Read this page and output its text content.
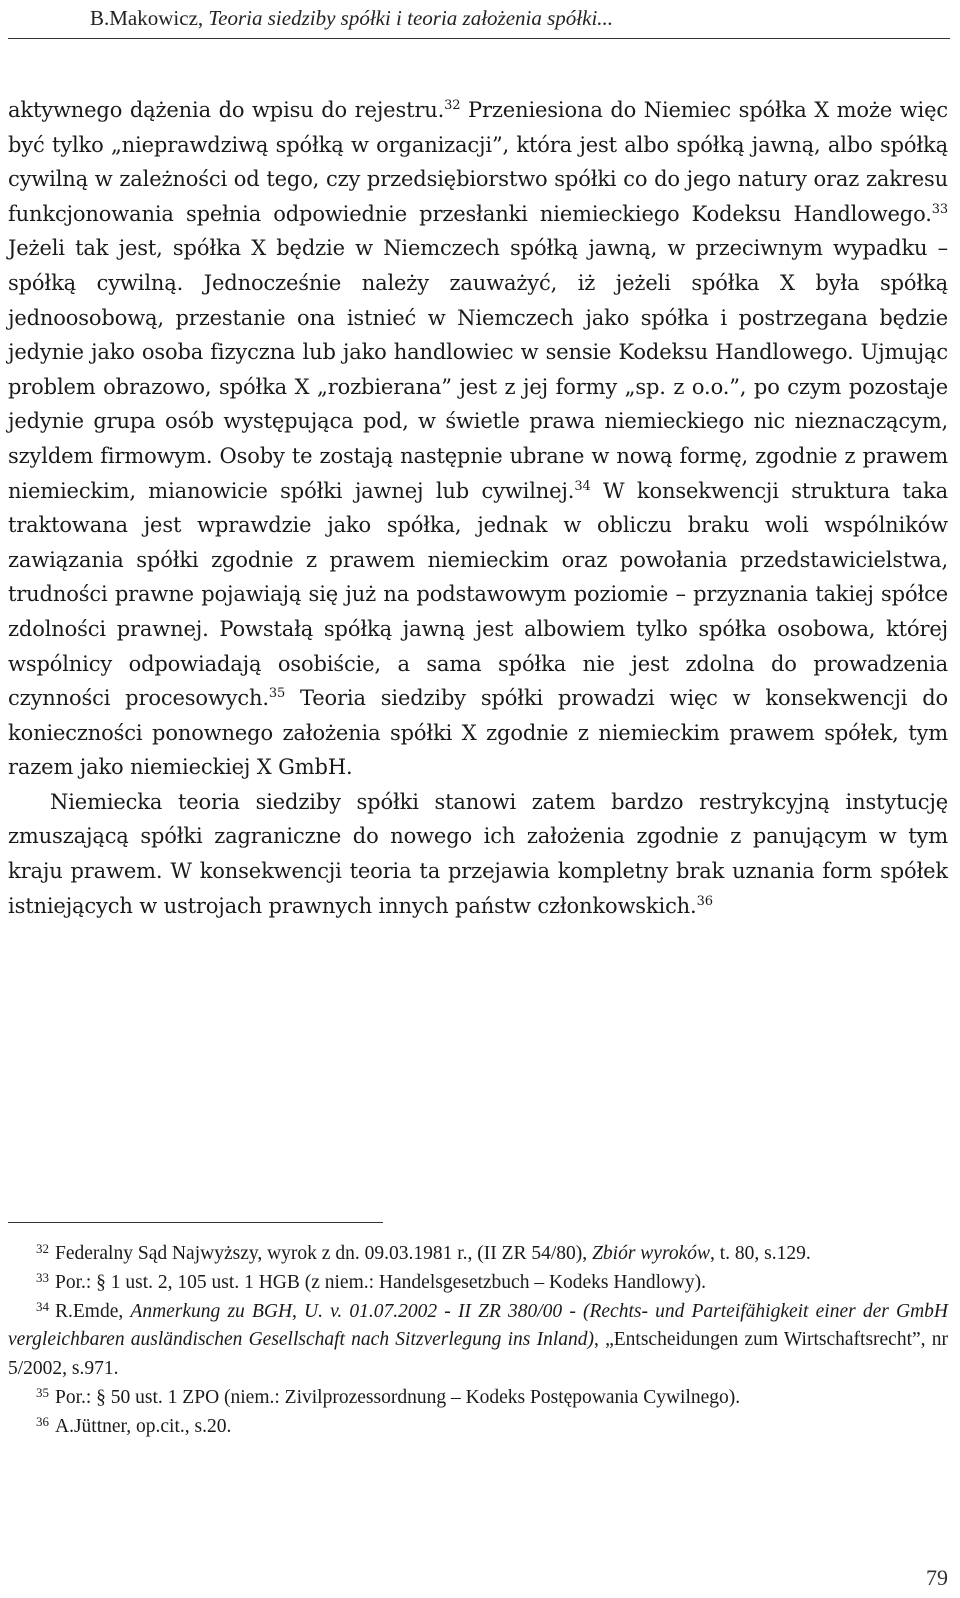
B.Makowicz, Teoria siedziby spółki i teoria założenia spółki...

aktywnego dążenia do wpisu do rejestru.$^{32}$ Przeniesiona do Niemiec spółka X może więc być tylko „nieprawdziwą spółką w organizacji”, która jest albo spółką jawną, albo spółką cywilną w zależności od tego, czy przedsiębiorstwo spółki co do jego natury oraz zakresu funkcjonowania spełnia odpowiednie przesłanki niemieckiego Kodeksu Handlowego.$^{33}$ Jeżeli tak jest, spółka X będzie w Niemczech spółką jawną, w przeciwnym wypadku – spółką cywilną. Jednocześnie należy zauważyć, iż jeżeli spółka X była spółką jednoosobową, przestanie ona istnieć w Niemczech jako spółka i postrzegana będzie jedynie jako osoba fizyczna lub jako handlowiec w sensie Kodeksu Handlowego. Ujmując problem obrazowo, spółka X „rozbierana” jest z jej formy „sp. z o.o.”, po czym pozostaje jedynie grupa osób występująca pod, w świetle prawa niemieckiego nic nieznaczącym, szyldem firmowym. Osoby te zostają następnie ubrane w nową formę, zgodnie z prawem niemieckim, mianowicie spółki jawnej lub cywilnej.$^{34}$ W konsekwencji struktura taka traktowana jest wprawdzie jako spółka, jednak w obliczu braku woli wspólników zawiązania spółki zgodnie z prawem niemieckim oraz powołania przedstawicielstwa, trudności prawne pojawiają się już na podstawowym poziomie – przyznania takiej spółce zdolności prawnej. Powstałą spółką jawną jest albowiem tylko spółka osobowa, której wspólnicy odpowiadają osobiście, a sama spółka nie jest zdolna do prowadzenia czynności procesowych.$^{35}$ Teoria siedziby spółki prowadzi więc w konsekwencji do konieczności ponownego założenia spółki X zgodnie z niemieckim prawem spółek, tym razem jako niemieckiej X GmbH.

Niemiecka teoria siedziby spółki stanowi zatem bardzo restrykcyjną instytucję zmuszającą spółki zagraniczne do nowego ich założenia zgodnie z panującym w tym kraju prawem. W konsekwencji teoria ta przejawia kompletny brak uznania form spółek istniejących w ustrojach prawnych innych państw członkowskich.$^{36}$

$^{32}$ Federalny Sąd Najwyższy, wyrok z dn. 09.03.1981 r., (II ZR 54/80), Zbiór wyroków, t. 80, s.129.

$^{33}$ Por.: § 1 ust. 2, 105 ust. 1 HGB (z niem.: Handelsgesetzbuch – Kodeks Handlowy).

$^{34}$ R.Emde, Anmerkung zu BGH, U. v. 01.07.2002 - II ZR 380/00 - (Rechts- und Parteifähigkeit einer der GmbH vergleichbaren ausländischen Gesellschaft nach Sitzverlegung ins Inland), „Entscheidungen zum Wirtschaftsrecht”, nr 5/2002, s.971.

$^{35}$ Por.: § 50 ust. 1 ZPO (niem.: Zivilprozessordnung – Kodeks Postępowania Cywilnego).

$^{36}$ A.Jüttner, op.cit., s.20.

79
